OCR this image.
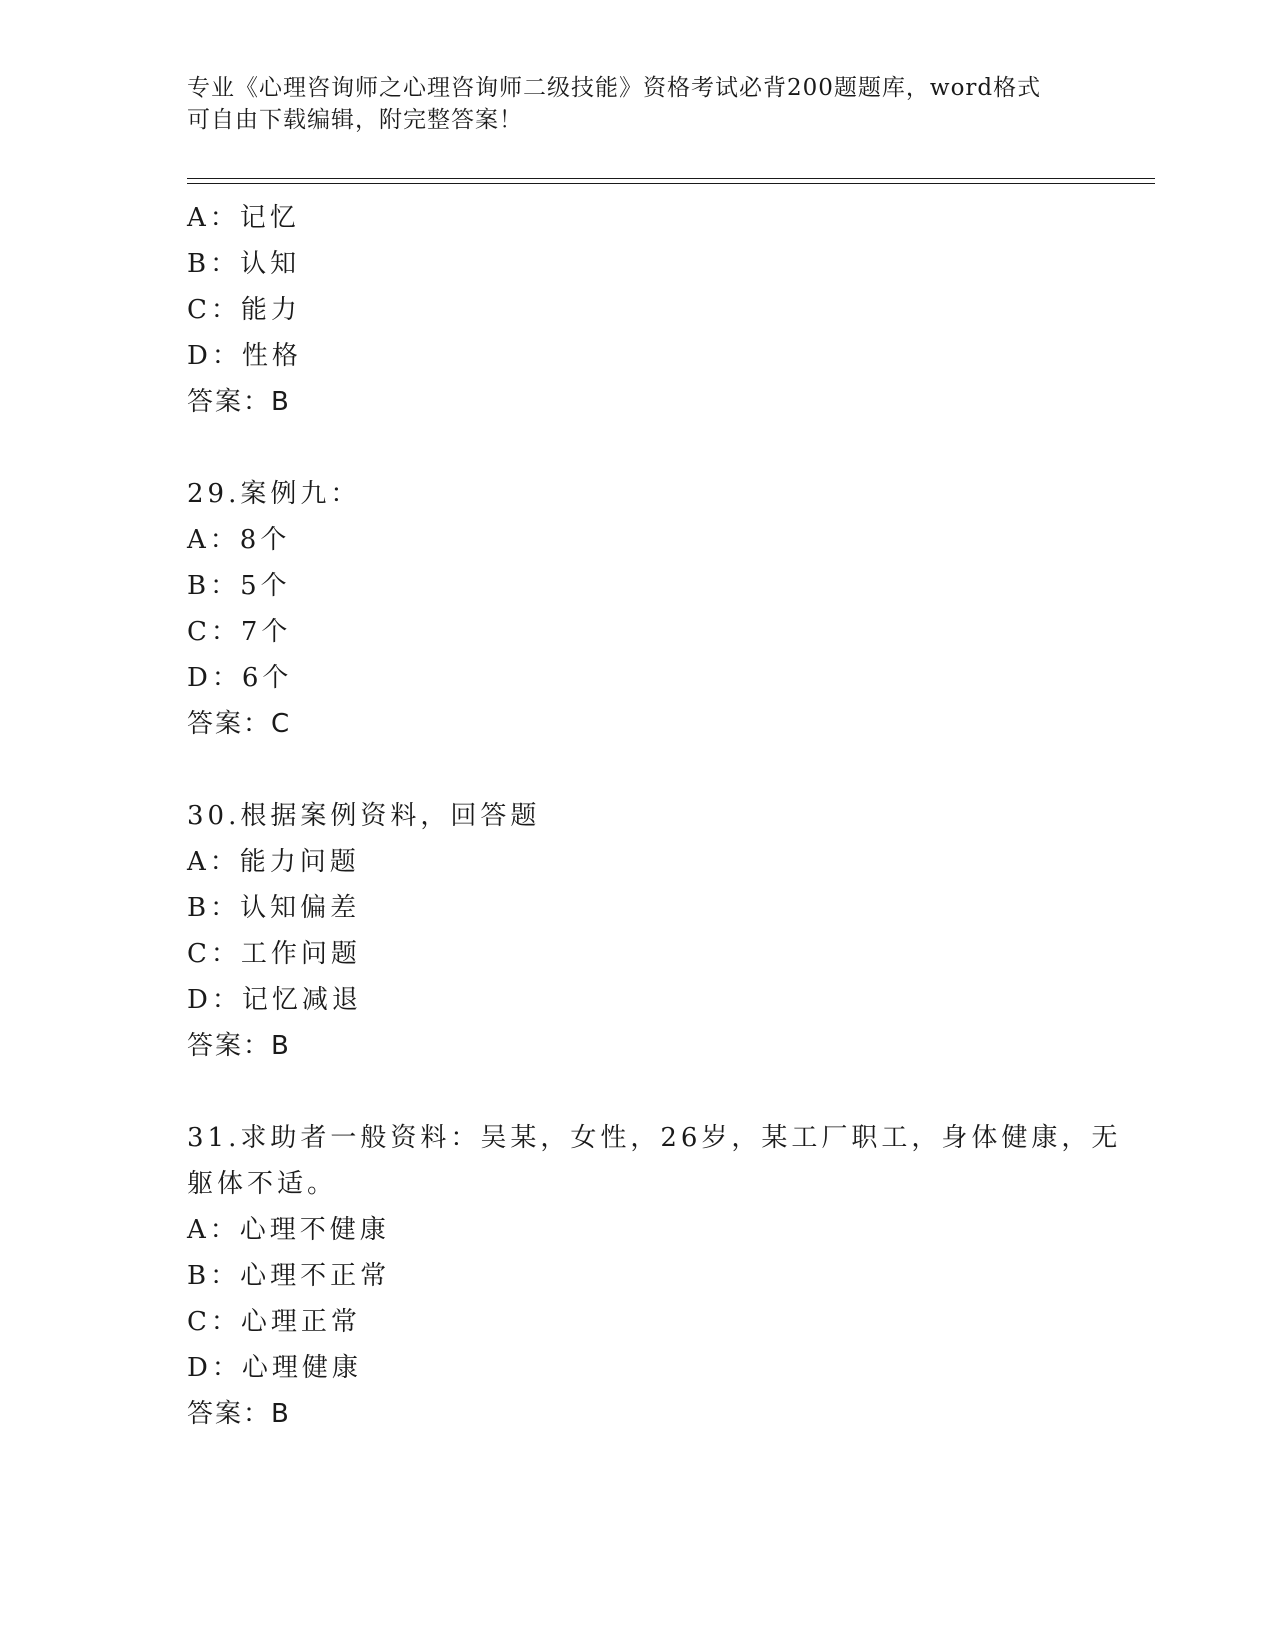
专业《心理咨询师之心理咨询师二级技能》资格考试必背200题题库，word格式
可自由下载编辑，附完整答案！
A：记忆
B：认知
C：能力
D：性格
答案：B
29.案例九：
A：8个
B：5个
C：7个
D：6个
答案：C
30.根据案例资料，回答题
A：能力问题
B：认知偏差
C：工作问题
D：记忆减退
答案：B
31.求助者一般资料：吴某，女性，26岁，某工厂职工，身体健康，无
躯体不适。
A：心理不健康
B：心理不正常
C：心理正常
D：心理健康
答案：B
